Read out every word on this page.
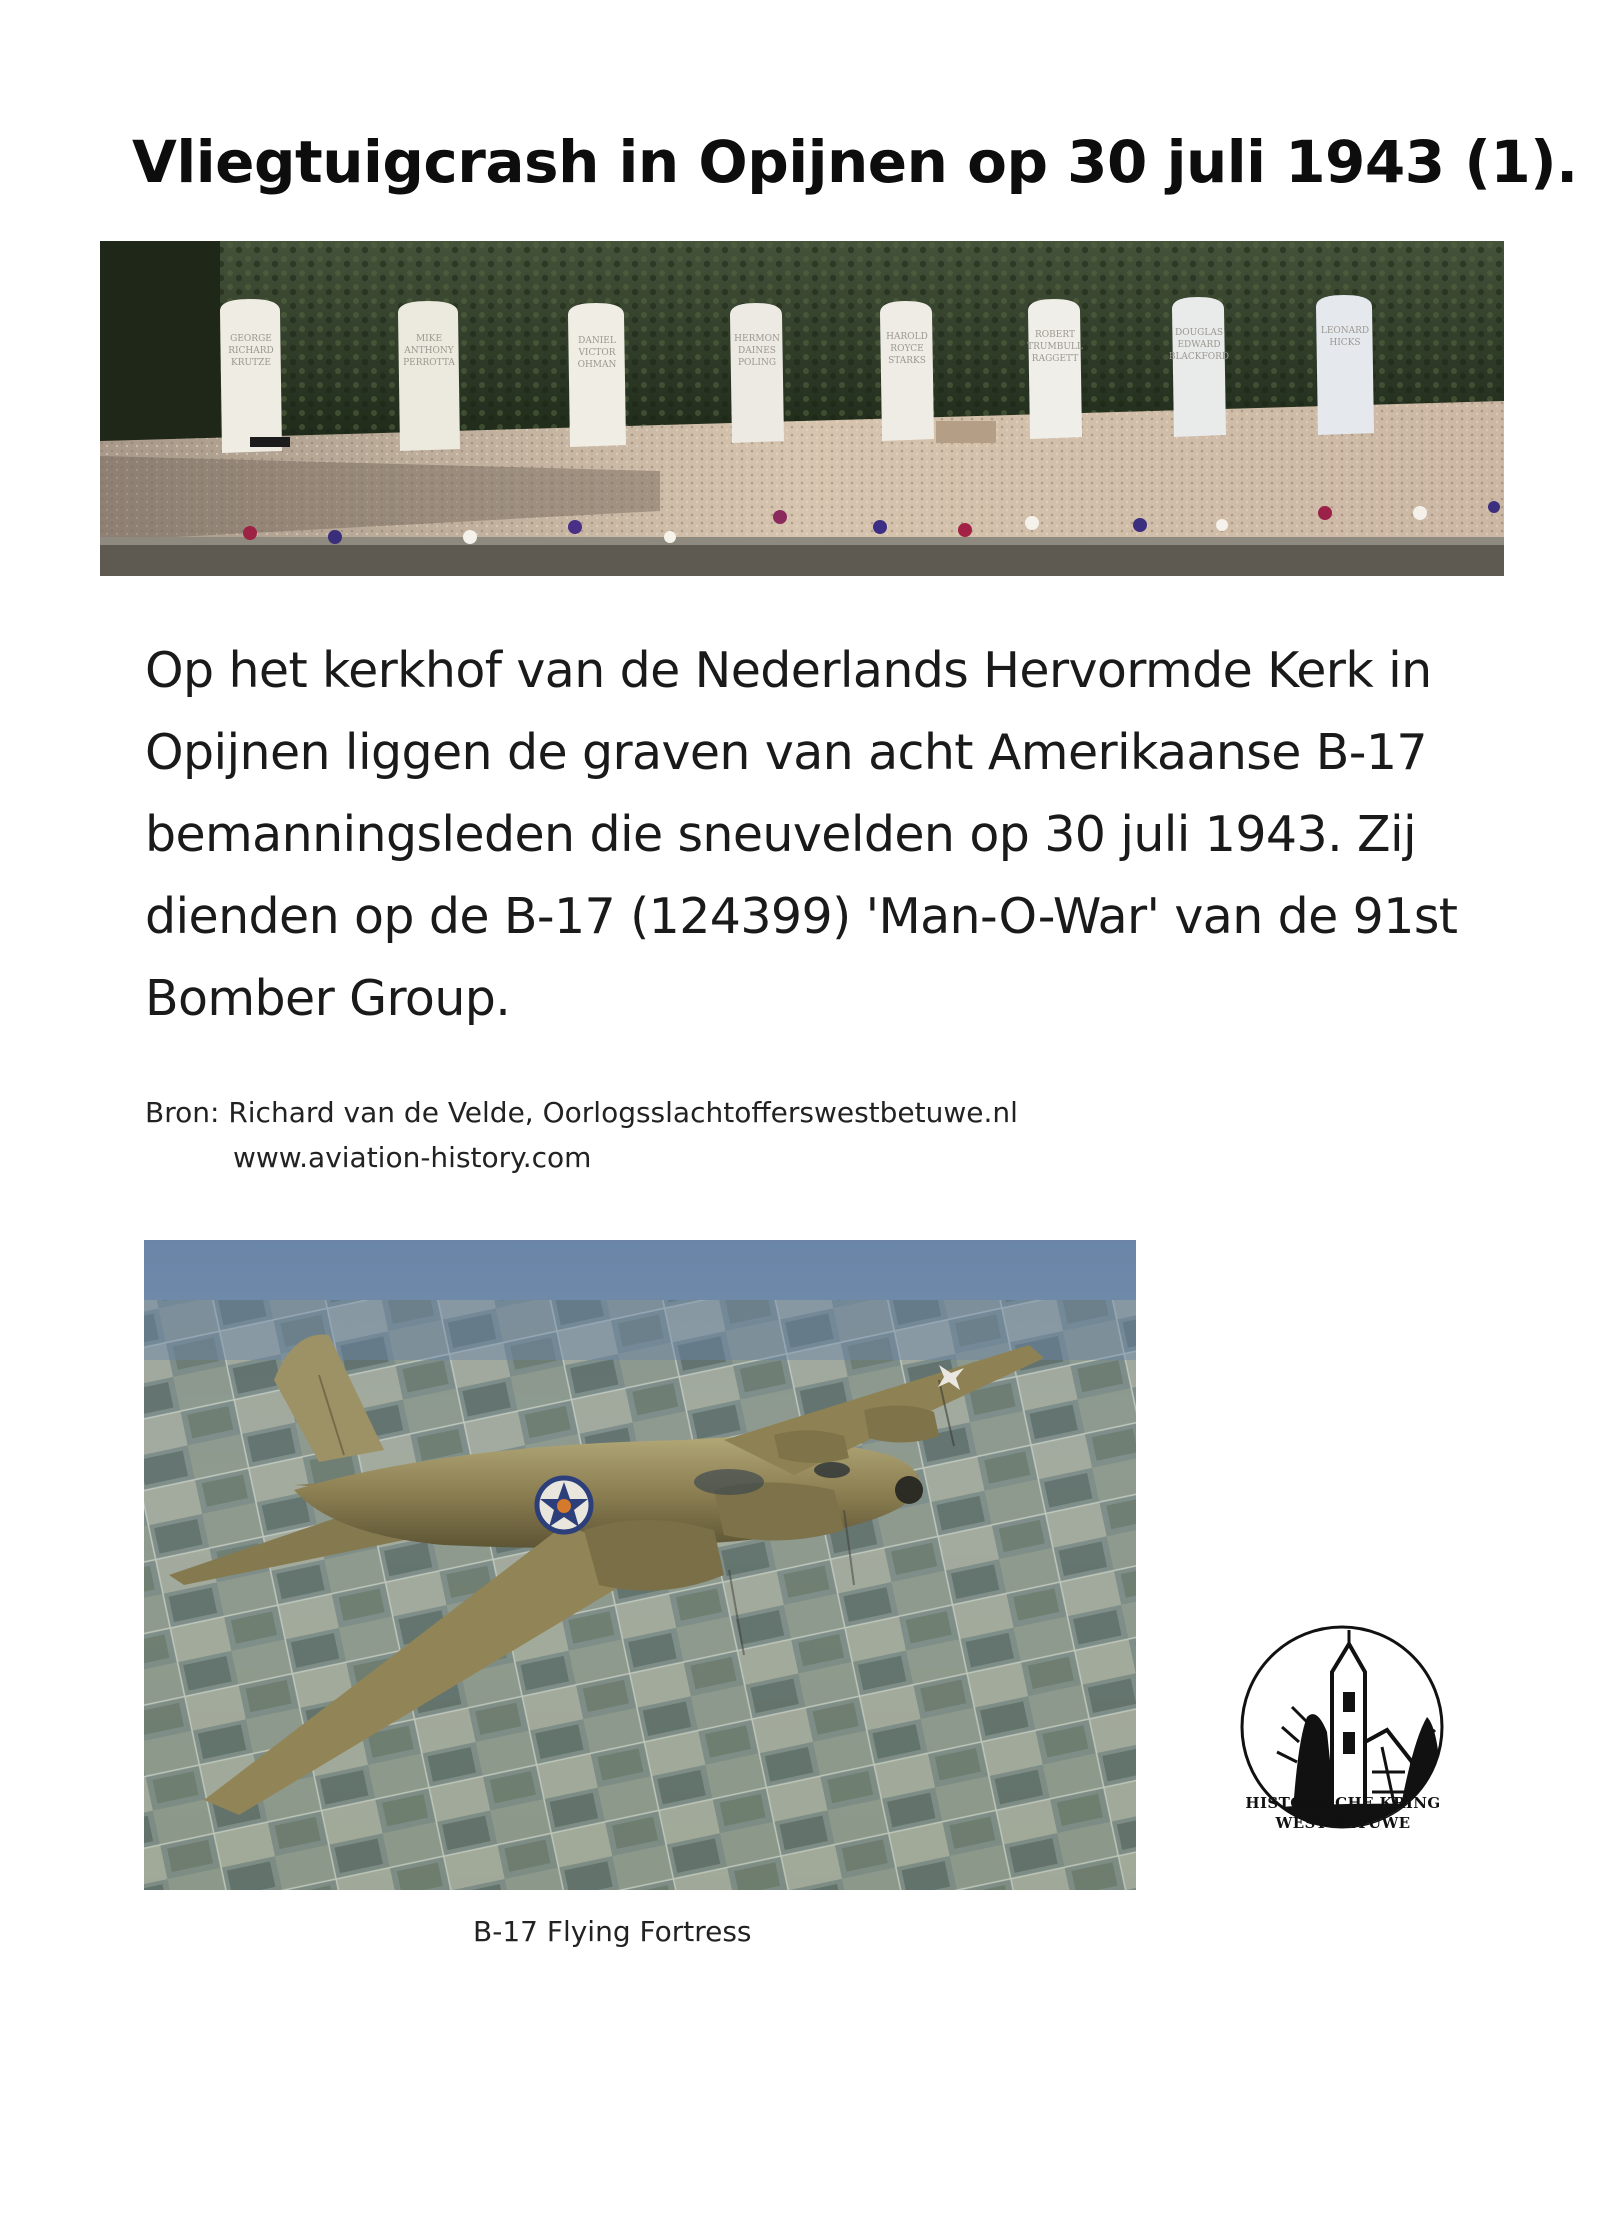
Vliegtuigcrash in Opijnen op 30 juli 1943 (1).
GEORGE
RICHARD
KRUTZE
MIKE
ANTHONY
PERROTTA
DANIEL
VICTOR
OHMAN
HERMON
DAINES
POLING
HAROLD
ROYCE
STARKS
ROBERT
TRUMBULL
RAGGETT
DOUGLAS
EDWARD
BLACKFORD
LEONARD
HICKS

Op het kerkhof van de Nederlands Hervormde Kerk in Opijnen liggen de graven van acht Amerikaanse B-17 bemanningsleden die sneuvelden op 30 juli 1943. Zij dienden op de B-17 (124399) 'Man-O-War' van de 91st Bomber Group.

Bron: Richard van de Velde, Oorlogsslachtofferswestbetuwe.nl
www.aviation-history.com
B-17 Flying Fortress
HISTORISCHE KRING
WEST-BETUWE
